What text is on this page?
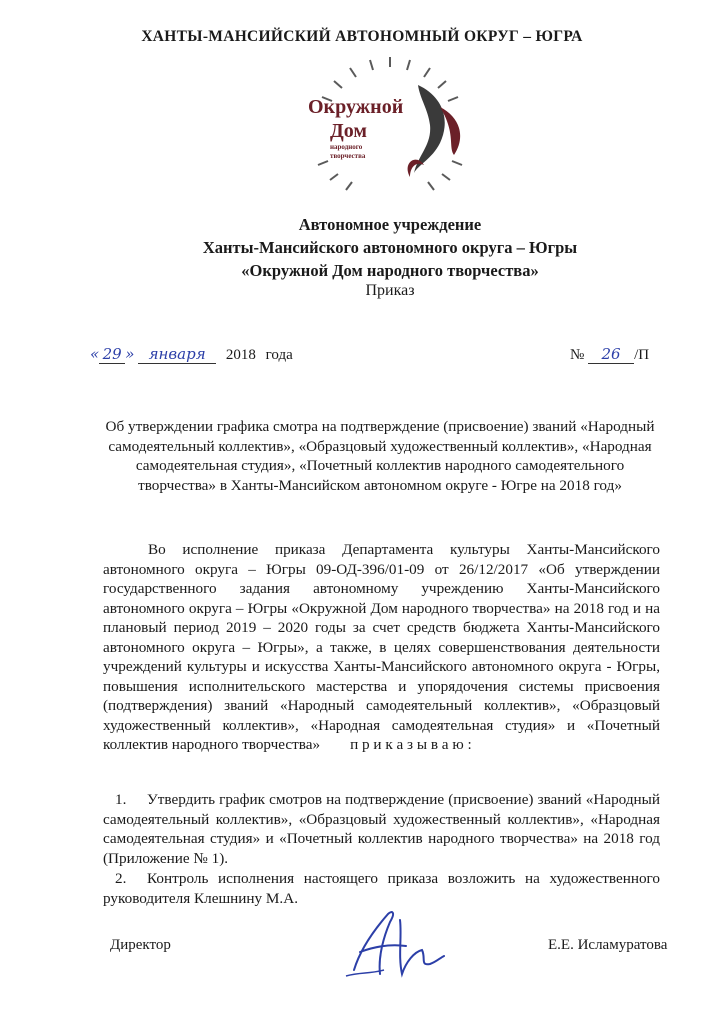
ХАНТЫ-МАНСИЙСКИЙ АВТОНОМНЫЙ ОКРУГ – ЮГРА
Окружной
Дом
народного
творчества
Автономное учреждение
Ханты-Мансийского автономного округа – Югры
«Окружной Дом народного творчества»
Приказ
« 29 » января 2018 года	№ 26 /П
Об утверждении графика смотра на подтверждение (присвоение) званий «Народный самодеятельный коллектив», «Образцовый художественный коллектив», «Народная самодеятельная студия», «Почетный коллектив народного самодеятельного творчества» в Ханты-Мансийском автономном округе - Югре на 2018 год»

Во исполнение приказа Департамента культуры Ханты-Мансийского автономного округа – Югры 09-ОД-396/01-09 от 26/12/2017 «Об утверждении государственного задания автономному учреждению Ханты-Мансийского автономного округа – Югры «Окружной Дом народного творчества» на 2018 год и на плановый период 2019 – 2020 годы за счет средств бюджета Ханты-Мансийского автономного округа – Югры», а также, в целях совершенствования деятельности учреждений культуры и искусства Ханты-Мансийского автономного округа - Югры, повышения исполнительского мастерства и упорядочения системы присвоения (подтверждения) званий «Народный самодеятельный коллектив», «Образцовый художественный коллектив», «Народная самодеятельная студия» и «Почетный коллектив народного творчества» п р и к а з ы в а ю :

1. Утвердить график смотров на подтверждение (присвоение) званий «Народный самодеятельный коллектив», «Образцовый художественный коллектив», «Народная самодеятельная студия» и «Почетный коллектив народного творчества» на 2018 год (Приложение № 1).

2. Контроль исполнения настоящего приказа возложить на художественного руководителя Клешнину М.А.

Директор	Е.Е. Исламуратова
